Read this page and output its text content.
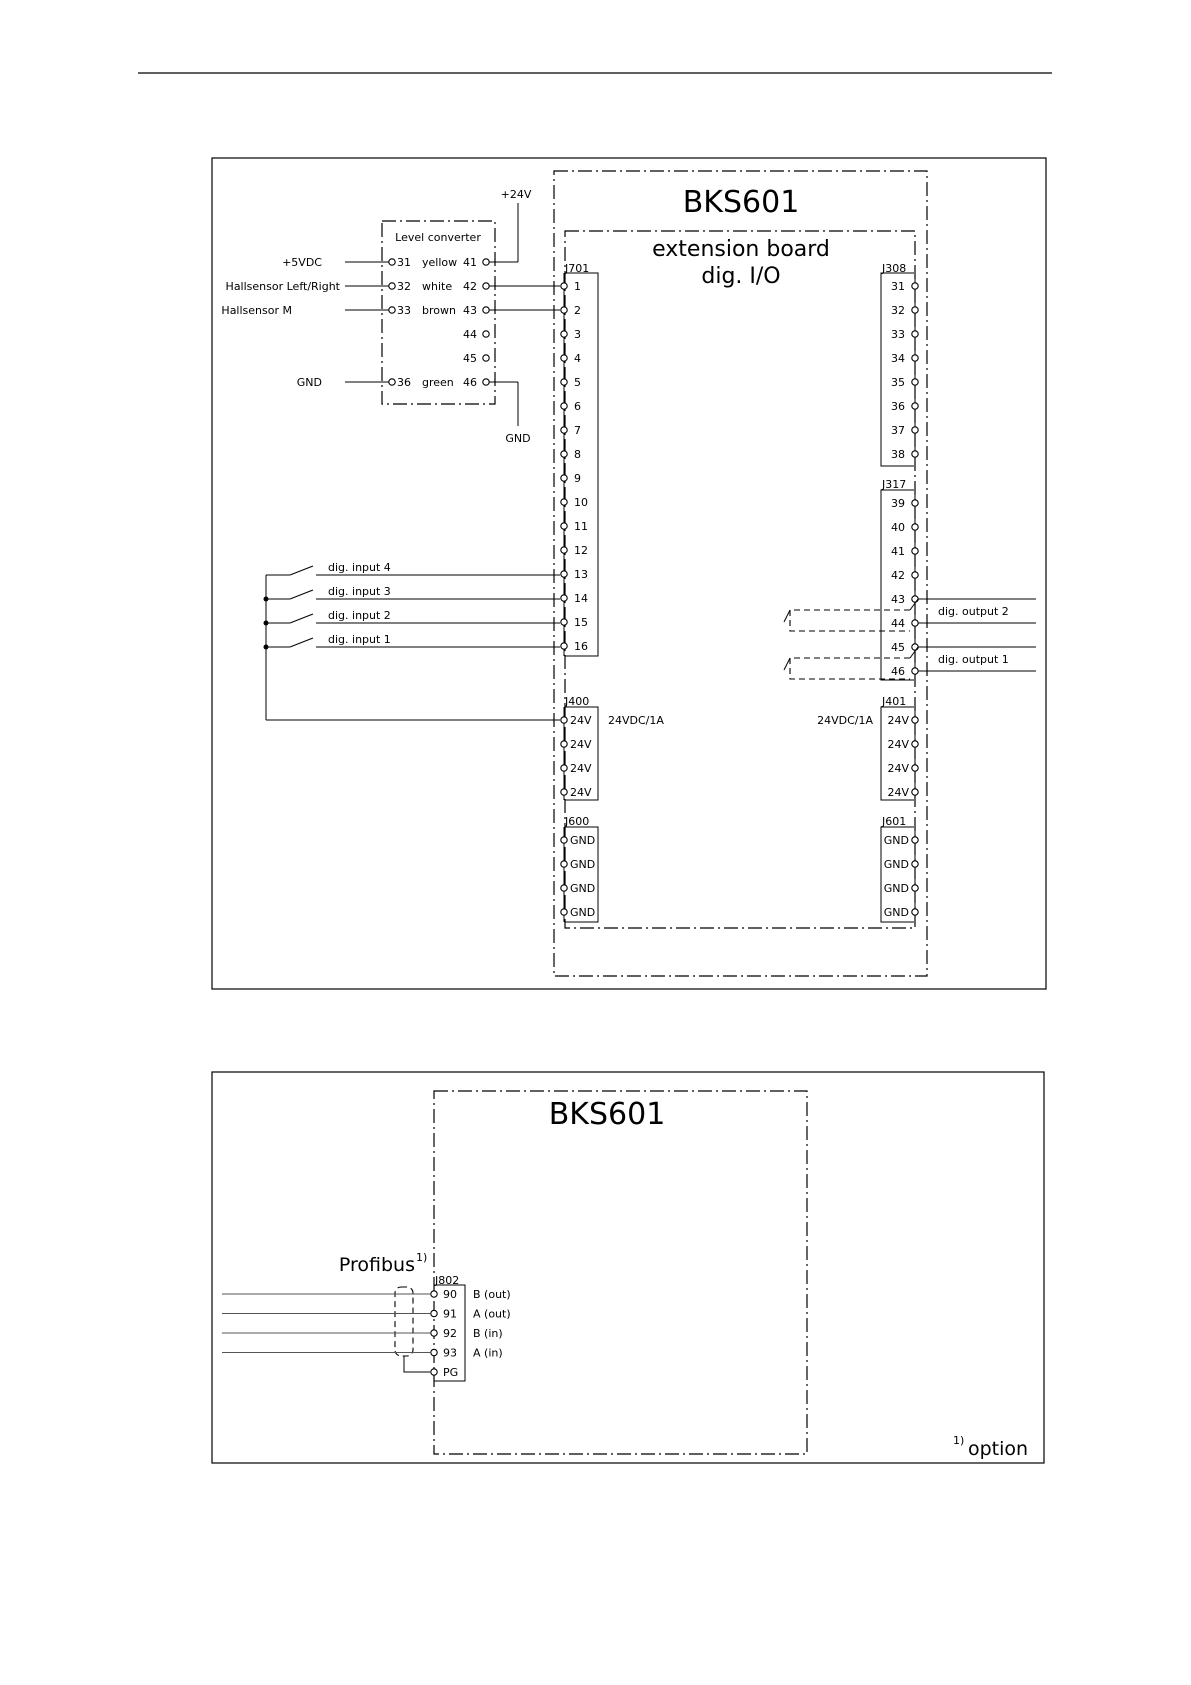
BKS601
extension board
dig. I/O
Level converter
+5VDC	31 yellow 41
+24V
Hallsensor Left/Right	32 white 42
Hallsensor M	33 brown 43
44
45
GND	36 green 46
GND
J701
1
2
3
4
5
6
7
8
9
10
11
12
13
14
15
16
J308
31
32
33
34
35
36
37
38
J317
39
40
41
42
43
44
45
46
J400
24VDC/1A
24V
24V
24V
24V
J401
24VDC/1A 24V
24V
24V
24V
J600
GND
GND
GND
GND
J601
GND
GND
GND
GND
dig. input 4
dig. input 3
dig. input 2
dig. input 1
dig. output 2
dig. output 1
BKS601
Profibus 1)
J802
90 B (out)
91 A (out)
92 B (in)
93 A (in)
PG
1) option
